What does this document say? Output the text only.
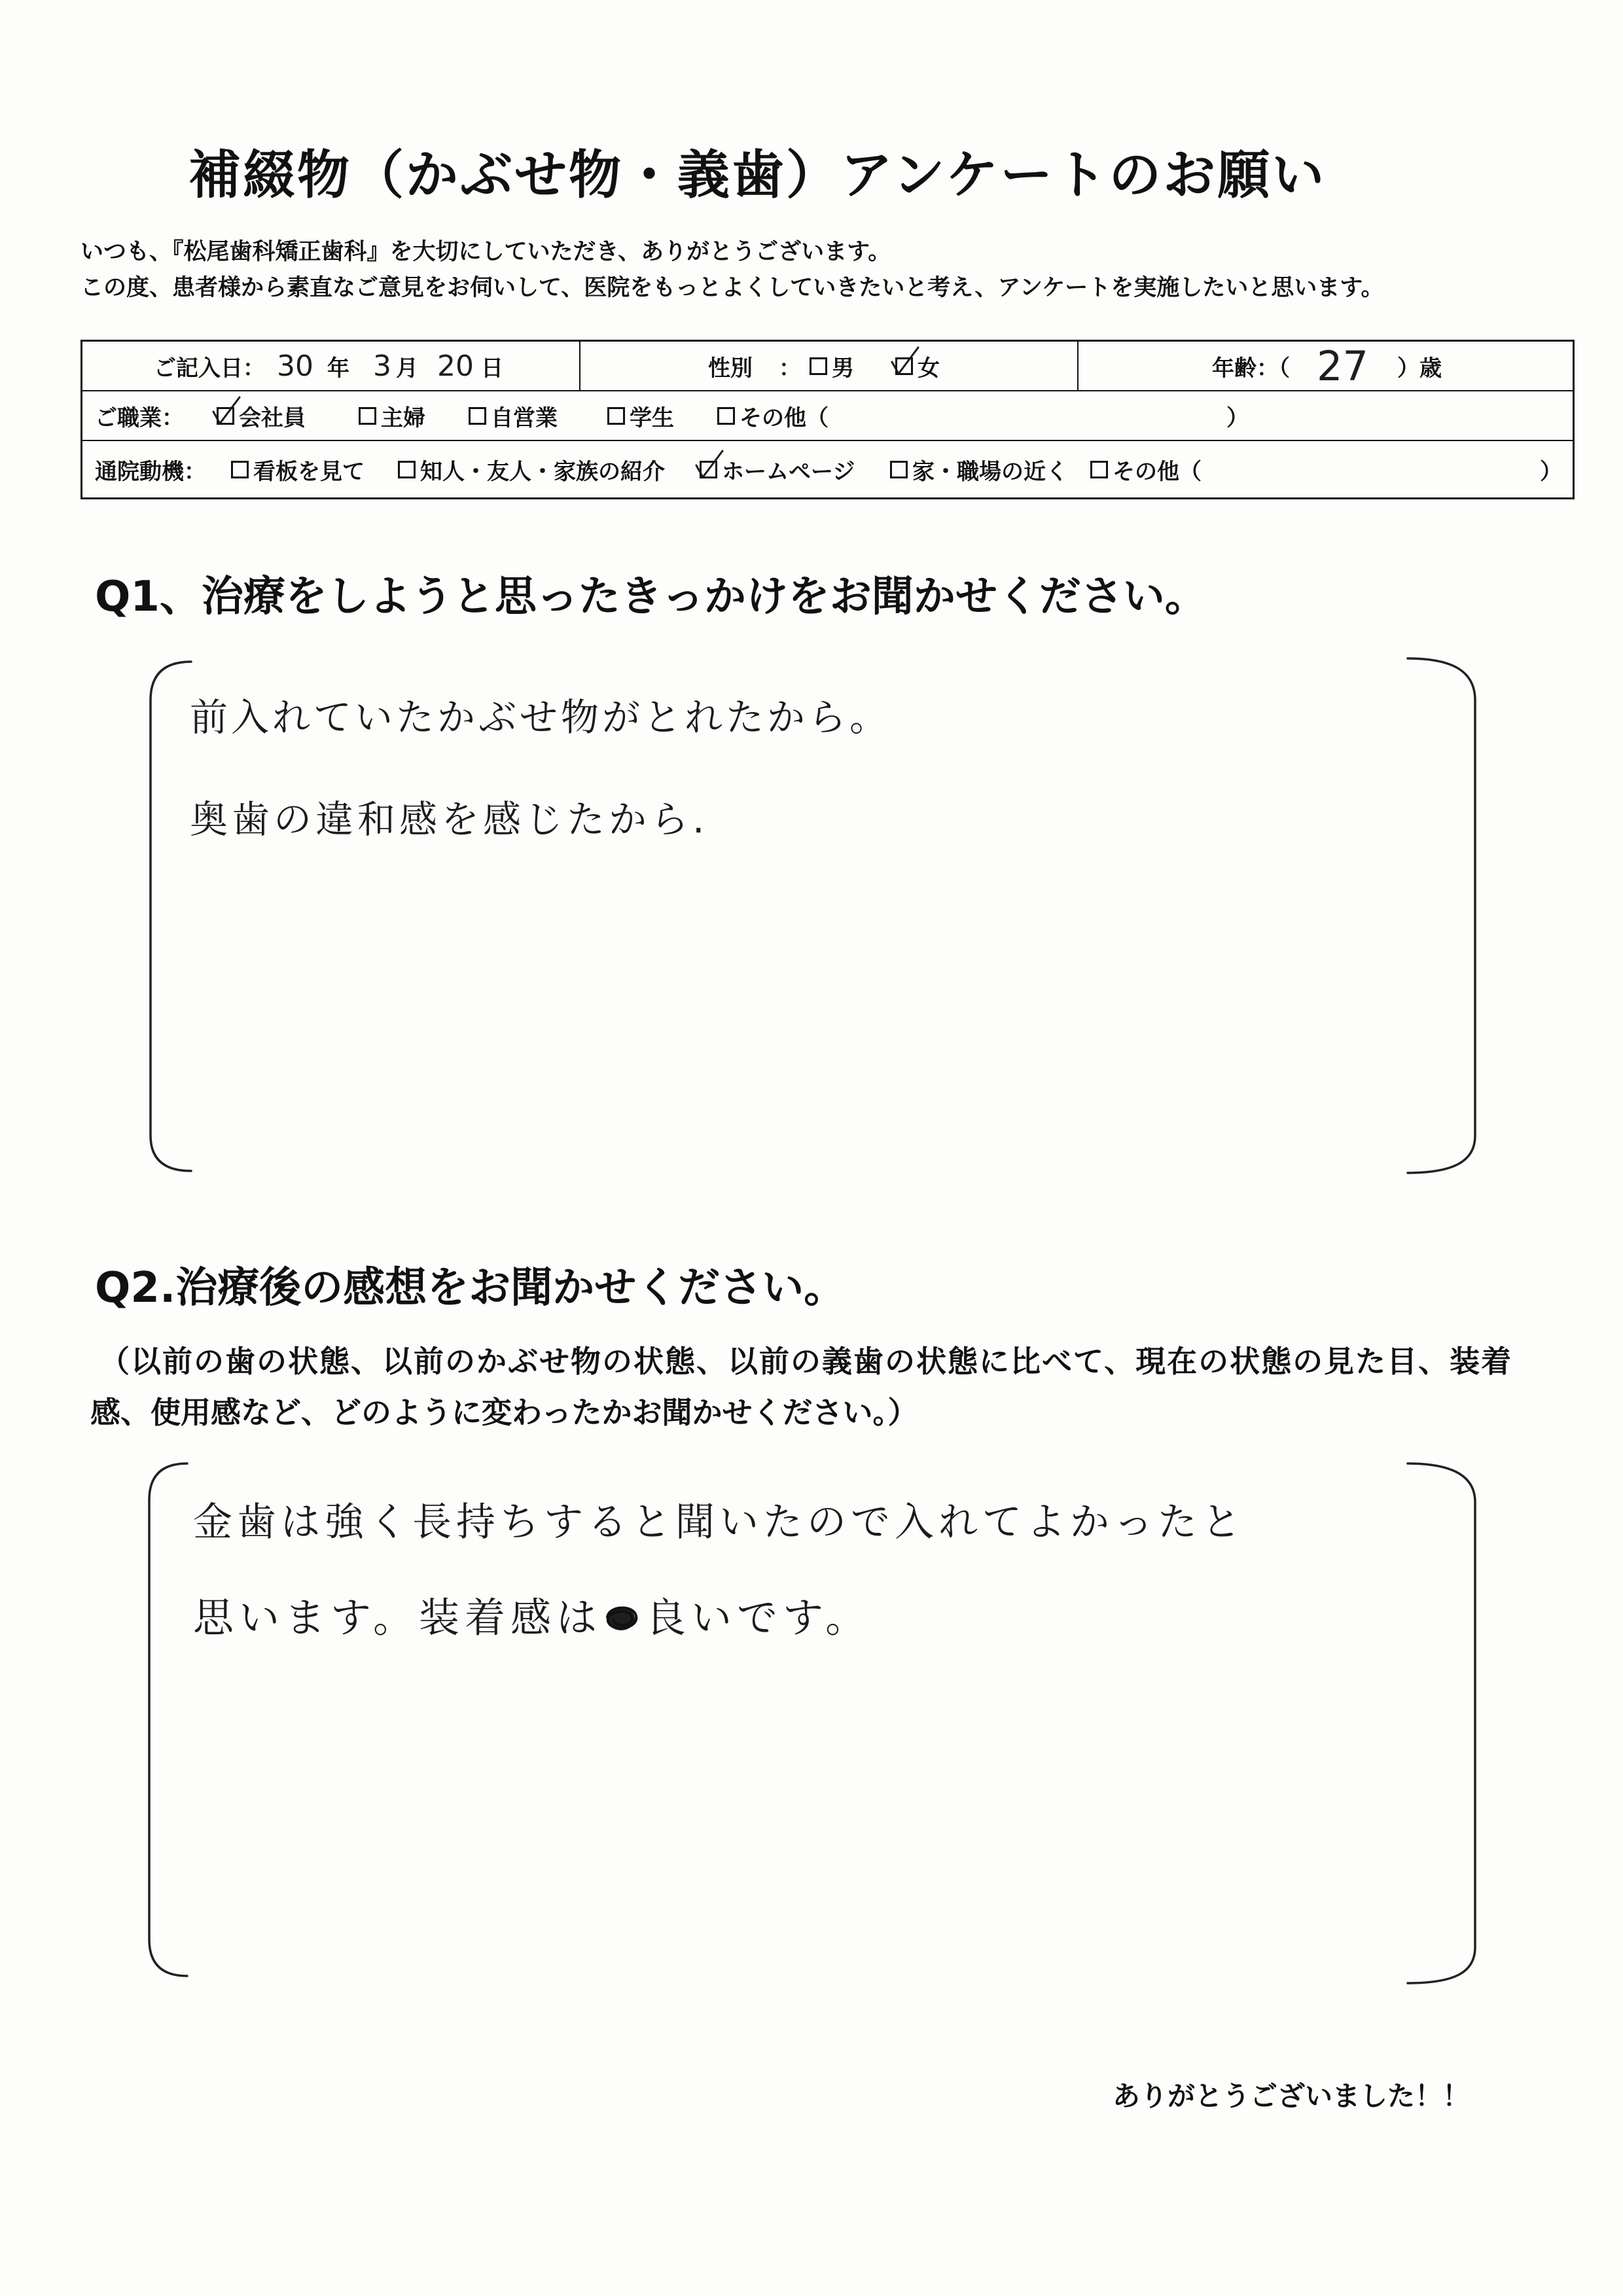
補綴物（かぶせ物・義歯）アンケートのお願い
いつも、『松尾歯科矯正歯科』を大切にしていただき、ありがとうございます。
この度、患者様から素直なご意見をお伺いして、医院をもっとよくしていきたいと考え、アンケートを実施したいと思います。
ご記入日： 30 年 3 月 20 日	性別 ： 男	女	年齢：（ 27 ）歳
ご職業： 会社員	主婦	自営業	学生	その他（	）
通院動機： 看板を見て	知人・友人・家族の紹介	ホームページ	家・職場の近く その他（	）
Q1、治療をしようと思ったきっかけをお聞かせください。
前入れていたかぶせ物がとれたから。
奥歯の違和感を感じたから.
Q2.治療後の感想をお聞かせください。
（以前の歯の状態、以前のかぶせ物の状態、以前の義歯の状態に比べて、現在の状態の見た目、装着
感、使用感など、どのように変わったかお聞かせください。）
金歯は強く長持ちすると聞いたので入れてよかったと
思います。装着感は 良いです。
ありがとうございました！！
